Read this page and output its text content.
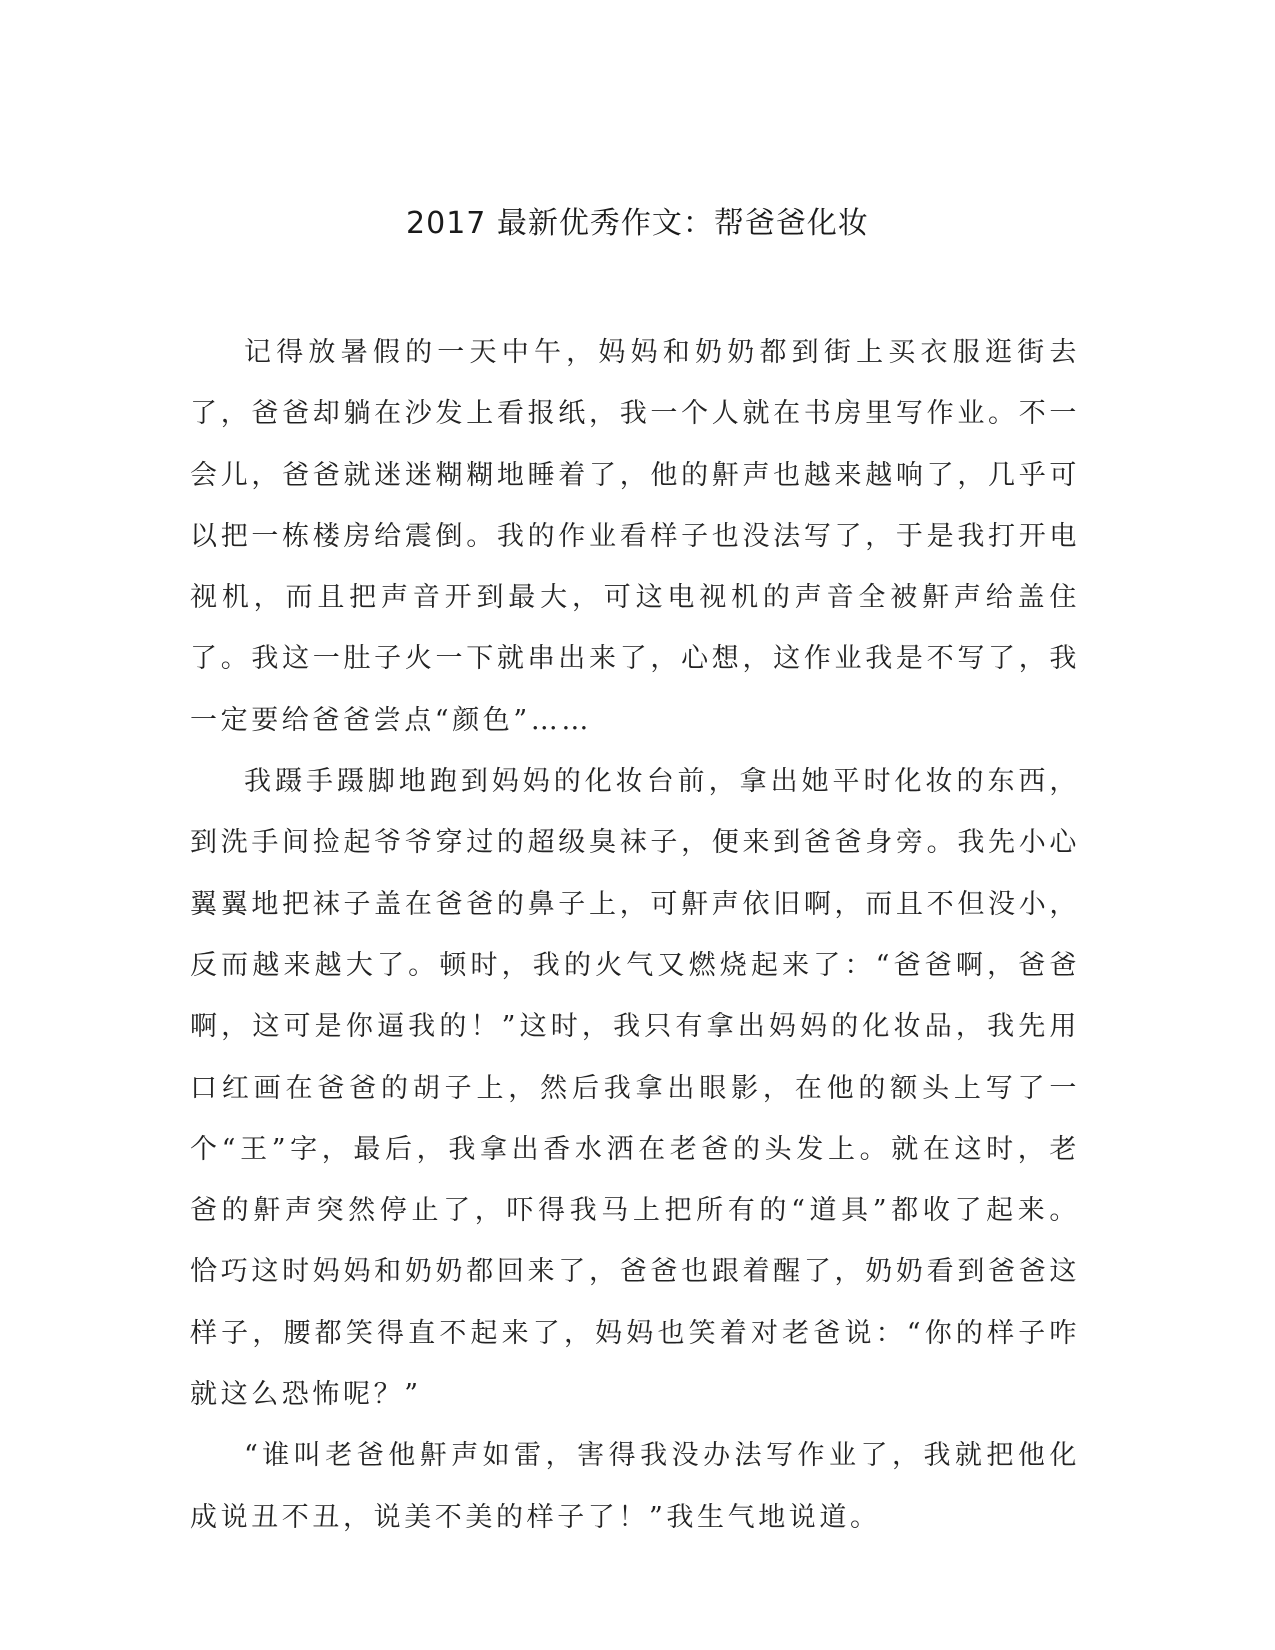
2017 最新优秀作文：帮爸爸化妆

记得放暑假的一天中午，妈妈和奶奶都到街上买衣服逛街去了，爸爸却躺在沙发上看报纸，我一个人就在书房里写作业。不一会儿，爸爸就迷迷糊糊地睡着了，他的鼾声也越来越响了，几乎可以把一栋楼房给震倒。我的作业看样子也没法写了，于是我打开电视机，而且把声音开到最大，可这电视机的声音全被鼾声给盖住了。我这一肚子火一下就串出来了，心想，这作业我是不写了，我一定要给爸爸尝点“颜色”……

我蹑手蹑脚地跑到妈妈的化妆台前，拿出她平时化妆的东西，到洗手间捡起爷爷穿过的超级臭袜子，便来到爸爸身旁。我先小心翼翼地把袜子盖在爸爸的鼻子上，可鼾声依旧啊，而且不但没小，反而越来越大了。顿时，我的火气又燃烧起来了：“爸爸啊，爸爸啊，这可是你逼我的！”这时，我只有拿出妈妈的化妆品，我先用口红画在爸爸的胡子上，然后我拿出眼影，在他的额头上写了一个“王”字，最后，我拿出香水洒在老爸的头发上。就在这时，老爸的鼾声突然停止了，吓得我马上把所有的“道具”都收了起来。恰巧这时妈妈和奶奶都回来了，爸爸也跟着醒了，奶奶看到爸爸这样子，腰都笑得直不起来了，妈妈也笑着对老爸说：“你的样子咋就这么恐怖呢？”

“谁叫老爸他鼾声如雷，害得我没办法写作业了，我就把他化成说丑不丑，说美不美的样子了！”我生气地说道。
